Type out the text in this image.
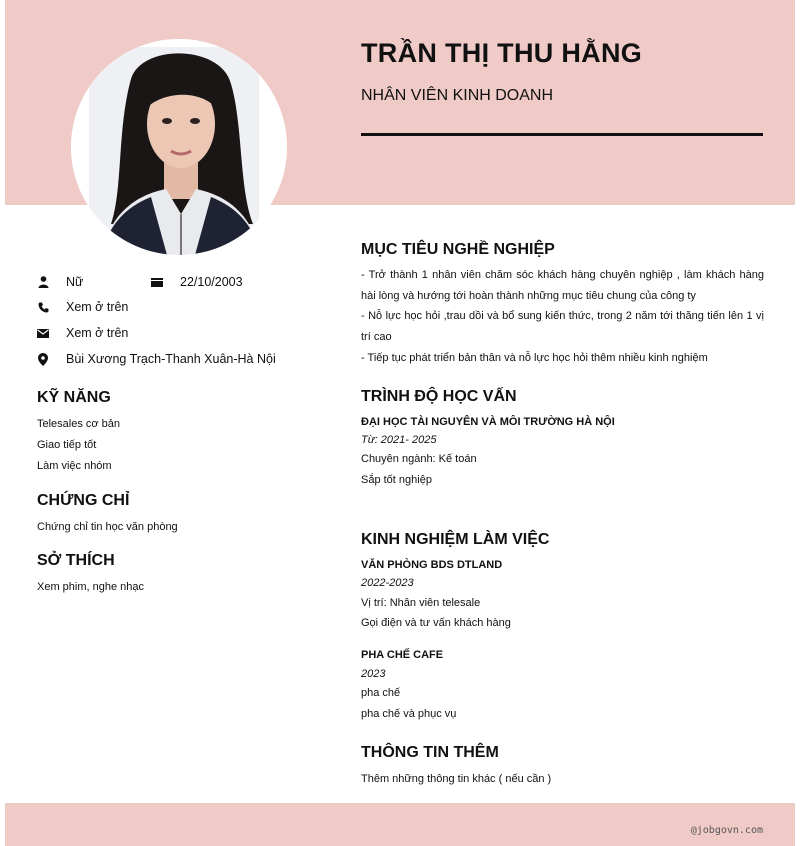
TRẦN THỊ THU HẰNG
NHÂN VIÊN KINH DOANH
Nữ	22/10/2003
Xem ở trên
Xem ở trên
Bùi Xương Trạch-Thanh Xuân-Hà Nội
KỸ NĂNG
Telesales cơ bản
Giao tiếp tốt
Làm việc nhóm
CHỨNG CHỈ
Chứng chỉ tin học văn phòng
SỞ THÍCH
Xem phim, nghe nhạc
MỤC TIÊU NGHỀ NGHIỆP
- Trở thành 1 nhân viên chăm sóc khách hàng chuyên nghiệp , làm khách hàng hài lòng và hướng tới hoàn thành những mục tiêu chung của công ty
- Nỗ lực học hỏi ,trau dồi và bổ sung kiến thức, trong 2 năm tới thăng tiến lên 1 vị trí cao
- Tiếp tục phát triển bản thân và nỗ lực học hỏi thêm nhiều kinh nghiệm
TRÌNH ĐỘ HỌC VẤN
ĐẠI HỌC TÀI NGUYÊN VÀ MÔI TRƯỜNG HÀ NỘI
Từ: 2021- 2025
Chuyên ngành: Kế toán
Sắp tốt nghiệp
KINH NGHIỆM LÀM VIỆC
VĂN PHÒNG BDS DTLAND
2022-2023
Vị trí: Nhân viên telesale
Gọi điện và tư vấn khách hàng
PHA CHẾ CAFE
2023
pha chế
pha chế và phục vụ
THÔNG TIN THÊM
Thêm những thông tin khác ( nếu cần )
@jobgovn.com
